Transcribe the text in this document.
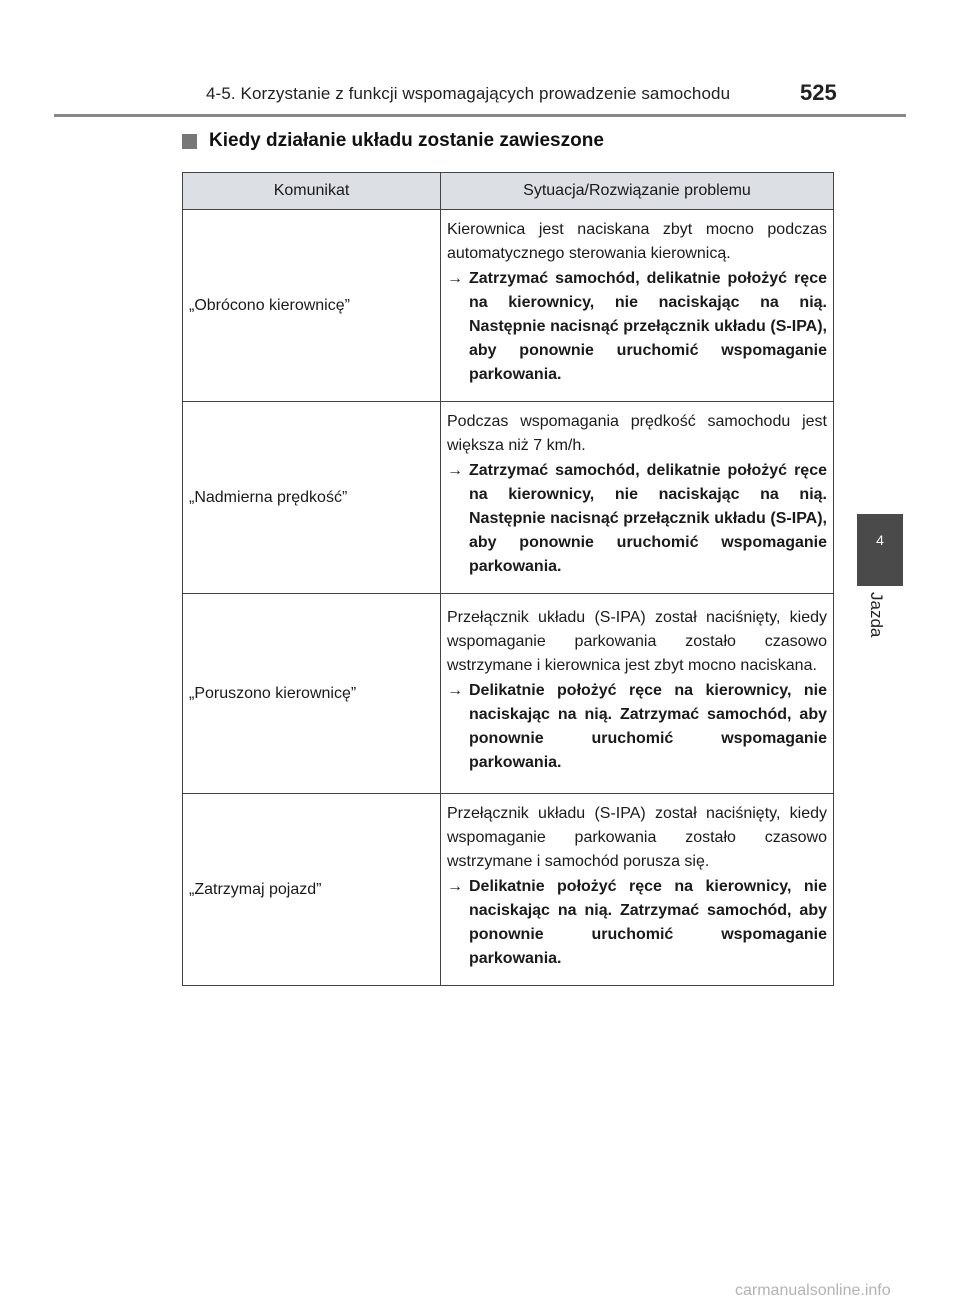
4-5. Korzystanie z funkcji wspomagających prowadzenie samochodu	525
Kiedy działanie układu zostanie zawieszone
4
Jazda
Komunikat	Sytuacja/Rozwiązanie problemu
„Obrócono kierownicę”	Kierownica jest naciskana zbyt mocno podczas automatycznego sterowania kierownicą.
→ Zatrzymać samochód, delikatnie położyć ręce na kierownicy, nie naciskając na nią. Następnie nacisnąć przełącznik układu (S-IPA), aby ponownie uruchomić wspomaganie parkowania.

„Nadmierna prędkość”	Podczas wspomagania prędkość samochodu jest większa niż 7 km/h.
→ Zatrzymać samochód, delikatnie położyć ręce na kierownicy, nie naciskając na nią. Następnie nacisnąć przełącznik układu (S-IPA), aby ponownie uruchomić wspomaganie parkowania.

„Poruszono kierownicę”	Przełącznik układu (S-IPA) został naciśnięty, kiedy wspomaganie parkowania zostało czasowo wstrzymane i kierownica jest zbyt mocno naciskana.
→ Delikatnie położyć ręce na kierownicy, nie naciskając na nią. Zatrzymać samochód, aby ponownie uruchomić wspomaganie parkowania.

„Zatrzymaj pojazd”	Przełącznik układu (S-IPA) został naciśnięty, kiedy wspomaganie parkowania zostało czasowo wstrzymane i samochód porusza się.
→ Delikatnie położyć ręce na kierownicy, nie naciskając na nią. Zatrzymać samochód, aby ponownie uruchomić wspomaganie parkowania.
carmanualsonline.info
